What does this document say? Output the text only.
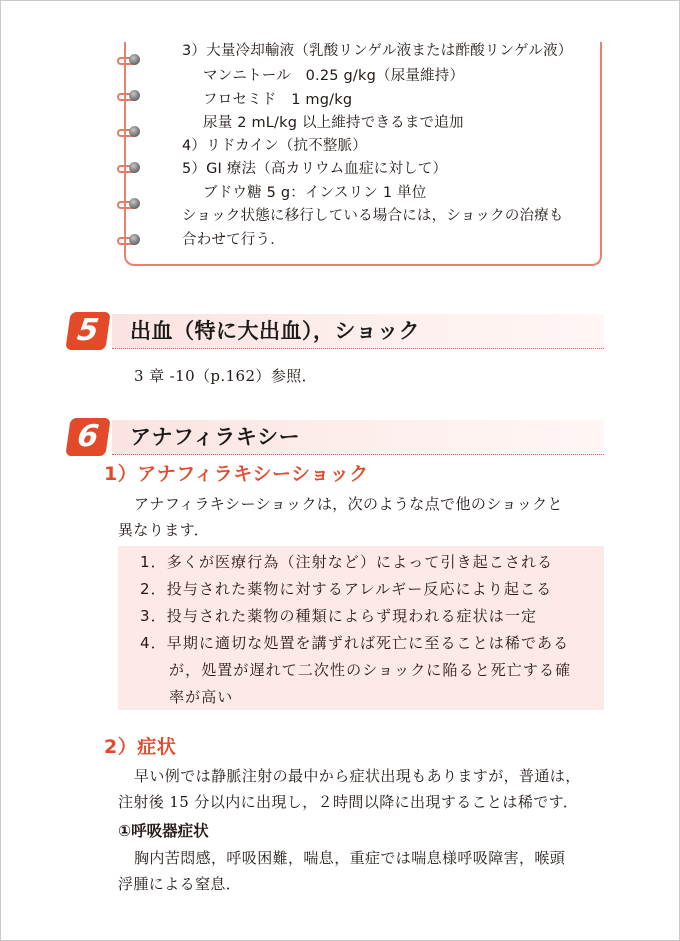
3）大量冷却輸液（乳酸リンゲル液または酢酸リンゲル液）
マンニトール　0.25 g/kg（尿量維持）
フロセミド　1 mg/kg
尿量 2 mL/kg 以上維持できるまで追加
4）リドカイン（抗不整脈）
5）GI 療法（高カリウム血症に対して）
ブドウ糖 5 g：インスリン 1 単位
ショック状態に移行している場合には，ショックの治療も
合わせて行う．
5	出血（特に大出血），ショック
3 章 -10（p.162）参照．
6	アナフィラキシー
1）アナフィラキシーショック
アナフィラキシーショックは，次のような点で他のショックと
異なります．
1．多くが医療行為（注射など）によって引き起こされる
2．投与された薬物に対するアレルギー反応により起こる
3．投与された薬物の種類によらず現われる症状は一定
4．早期に適切な処置を講ずれば死亡に至ることは稀である
が，処置が遅れて二次性のショックに陥ると死亡する確
率が高い
2）症状
早い例では静脈注射の最中から症状出現もありますが，普通は，
注射後 15 分以内に出現し，２時間以降に出現することは稀です．
①呼吸器症状
胸内苦悶感，呼吸困難，喘息，重症では喘息様呼吸障害，喉頭
浮腫による窒息．
